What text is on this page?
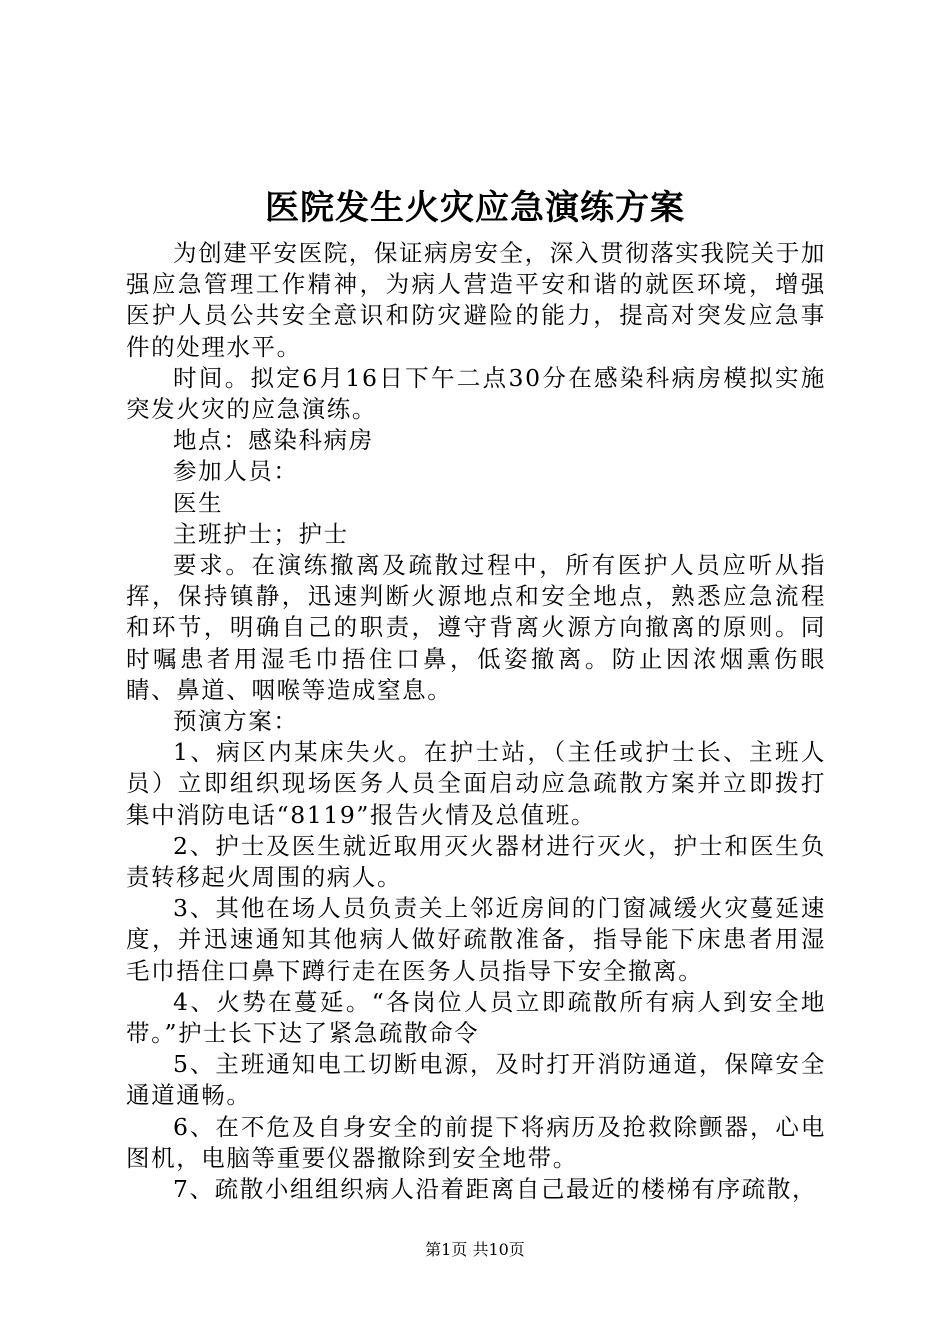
医院发生火灾应急演练方案

为创建平安医院，保证病房安全，深入贯彻落实我院关于加强应急管理工作精神，为病人营造平安和谐的就医环境，增强医护人员公共安全意识和防灾避险的能力，提高对突发应急事件的处理水平。

时间。拟定6月16日下午二点30分在感染科病房模拟实施突发火灾的应急演练。

地点：感染科病房

参加人员：

医生

主班护士；护士

要求。在演练撤离及疏散过程中，所有医护人员应听从指挥，保持镇静，迅速判断火源地点和安全地点，熟悉应急流程和环节，明确自己的职责，遵守背离火源方向撤离的原则。同时嘱患者用湿毛巾捂住口鼻，低姿撤离。防止因浓烟熏伤眼睛、鼻道、咽喉等造成窒息。

预演方案：

1、病区内某床失火。在护士站，（主任或护士长、主班人员）立即组织现场医务人员全面启动应急疏散方案并立即拨打集中消防电话“8119”报告火情及总值班。

2、护士及医生就近取用灭火器材进行灭火，护士和医生负责转移起火周围的病人。

3、其他在场人员负责关上邻近房间的门窗减缓火灾蔓延速度，并迅速通知其他病人做好疏散准备，指导能下床患者用湿毛巾捂住口鼻下蹲行走在医务人员指导下安全撤离。

4、火势在蔓延。“各岗位人员立即疏散所有病人到安全地带。”护士长下达了紧急疏散命令

5、主班通知电工切断电源，及时打开消防通道，保障安全通道通畅。

6、在不危及自身安全的前提下将病历及抢救除颤器，心电图机，电脑等重要仪器撤除到安全地带。

7、疏散小组组织病人沿着距离自己最近的楼梯有序疏散，

第1页 共10页
